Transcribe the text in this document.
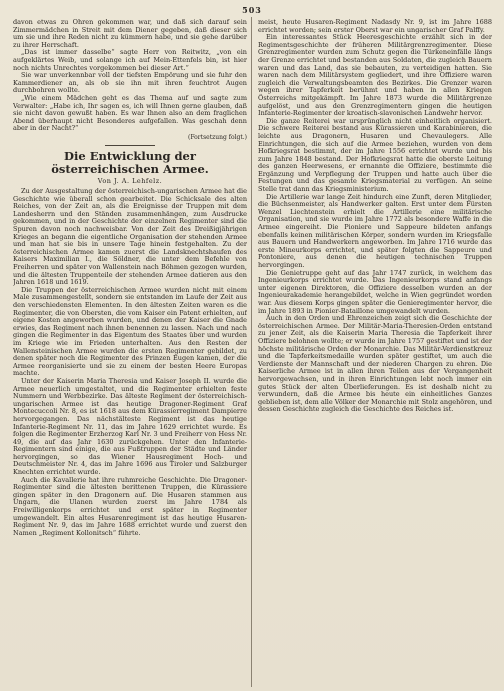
503

davon etwas zu Ohren gekommen war, und daß sich darauf sein Zimmermädchen in Streit mit dem Diener gegeben, daß dieser sich um sie und ihre Reden nicht zu kümmern habe, und sie gehe darüber zu ihrer Herrschaft.

„Das ist immer dasselbe“ sagte Herr von Reitwitz, „von ein aufgeklärtes Weib, und solange ich auf Mein-Ettenfels bin, ist hier noch nichts Unrechtes vorgekommen bei dieser Art.“

Sie war unverkennbar voll der tiefsten Empörung und sie fuhr den Kammerdiener an, als ob sie ihn mit ihren feuchtrot Augen durchbohren wollte.

„Wie einem Mädchen geht es das Thema auf und sagte zum Verwalter: „Habe ich, Ihr sagen es, ich will Ihnen gerne glauben, daß sie nicht davon gewußt haben. Es war Ihnen also an dem fraglichen Abend überhaupt nicht Besonderes aufgefallen. Was geschah denn aber in der Nacht?“

(Fortsetzung folgt.)
Die Entwicklung der österreichischen Armee.
Von J. A. Lehfelz.

Zu der Ausgestaltung der österreichisch-ungarischen Armee hat die Geschichte wie überall schon gearbeitet. Die Schicksale des alten Reiches, von der Zeit an, als die Ereignisse der Truppen mit dem Landesherrn und den Ständen zusammenhängen, zum Ausdrucke gekommen, und in der Geschichte der einzelnen Regimenter sind die Spuren davon noch nachweisbar. Von der Zeit des Dreißigjährigen Krieges an begann die eigentliche Organisation der stehenden Armee und man hat sie bis in unsere Tage hinein festgehalten. Zu der österreichischen Armee kamen zuerst die Landsknechtshaufen des Kaisers Maximilian I., die Söldner, die unter dem Befehle von Freiherren und später von Wallenstein nach Böhmen gezogen wurden, und die ältesten Truppenteile der stehenden Armee datieren aus den Jahren 1618 und 1619.

Die Truppen der österreichischen Armee wurden nicht mit einem Male zusammengestellt, sondern sie entstanden im Laufe der Zeit aus den verschiedensten Elementen. In den ältesten Zeiten waren es die Regimenter, die von Obersten, die vom Kaiser ein Patent erhielten, auf eigene Kosten angeworben wurden, und denen der Kaiser die Gnade erwies, das Regiment nach ihnen benennen zu lassen. Nach und nach gingen die Regimenter in das Eigentum des Staates über und wurden im Kriege wie im Frieden unterhalten. Aus den Resten der Wallensteinischen Armee wurden die ersten Regimenter gebildet, zu denen später noch die Regimenter des Prinzen Eugen kamen, der die Armee reorganisierte und sie zu einem der besten Heere Europas machte.

Unter der Kaiserin Maria Theresia und Kaiser Joseph II. wurde die Armee neuerlich umgestaltet, und die Regimenter erhielten feste Nummern und Werbbezirke. Das älteste Regiment der österreichisch-ungarischen Armee ist das heutige Dragoner-Regiment Graf Montecuccoli Nr. 8, es ist 1618 aus dem Kürassierregiment Dampierre hervorgegangen. Das nächstälteste Regiment ist das heutige Infanterie-Regiment Nr. 11, das im Jahre 1629 errichtet wurde. Es folgen die Regimenter Erzherzog Karl Nr. 3 und Freiherr von Hess Nr. 49, die auf das Jahr 1630 zurückgehen. Unter den Infanterie-Regimentern sind einige, die aus Fußtruppen der Städte und Länder hervorgingen, so das Wiener Hausregiment Hoch- und Deutschmeister Nr. 4, das im Jahre 1696 aus Tiroler und Salzburger Knechten errichtet wurde.

Auch die Kavallerie hat ihre ruhmreiche Geschichte. Die Dragoner-Regimenter sind die ältesten berittenen Truppen, die Kürassiere gingen später in den Dragonern auf. Die Husaren stammen aus Ungarn, die Ulanen wurden zuerst im Jahre 1784 als Freiwilligenkorps errichtet und erst später in Regimenter umgewandelt. Ein altes Husarenregiment ist das heutige Husaren-Regiment Nr. 9, das im Jahre 1688 errichtet wurde und zuerst den Namen „Regiment Kollonitsch“ führte.

meist, heute Husaren-Regiment Nadasdy Nr. 9, ist im Jahre 1688 errichtet worden; sein erster Oberst war ein ungarischer Graf Palffy.

Ein interessantes Stück Heeresgeschichte erzählt sich in der Regimentsgeschichte der früheren Militärgrenzregimenter. Diese Grenzregimenter wurden zum Schutz gegen die Türkeneinfälle längs der Grenze errichtet und bestanden aus Soldaten, die zugleich Bauern waren und das Land, das sie bebauten, zu verteidigen hatten. Sie waren nach dem Militärsystem gegliedert, und ihre Offiziere waren zugleich die Verwaltungsbeamten des Bezirkes. Die Grenzer waren wegen ihrer Tapferkeit berühmt und haben in allen Kriegen Österreichs mitgekämpft. Im Jahre 1873 wurde die Militärgrenze aufgelöst, und aus den Grenzregimentern gingen die heutigen Infanterie-Regimenter der kroatisch-slavonischen Landwehr hervor.

Die ganze Reiterei war ursprünglich nicht einheitlich organisiert. Die schwere Reiterei bestand aus Kürassieren und Karabinieren, die leichte aus Dragonern, Husaren und Chevaulegers. Alle Einrichtungen, die sich auf die Armee beziehen, wurden von dem Hofkriegsrat bestimmt, der im Jahre 1556 errichtet wurde und bis zum Jahre 1848 bestand. Der Hofkriegsrat hatte die oberste Leitung des ganzen Heerwesens, er ernannte die Offiziere, bestimmte die Ergänzung und Verpflegung der Truppen und hatte auch über die Festungen und das gesamte Kriegsmaterial zu verfügen. An seine Stelle trat dann das Kriegsministerium.

Die Artillerie war lange Zeit hindurch eine Zunft, deren Mitglieder, die Büchsenmeister, als Handwerker galten. Erst unter dem Fürsten Wenzel Liechtenstein erhielt die Artillerie eine militärische Organisation, und sie wurde im Jahre 1772 als besondere Waffe in die Armee eingereiht. Die Pioniere und Sappeure bildeten anfangs ebenfalls keinen militärischen Körper, sondern wurden im Kriegsfalle aus Bauern und Handwerkern angeworben. Im Jahre 1716 wurde das erste Mineurkorps errichtet, und später folgten die Sappeure und Pontoniere, aus denen die heutigen technischen Truppen hervorgingen.

Die Genietruppe geht auf das Jahr 1747 zurück, in welchem das Ingenieurkorps errichtet wurde. Das Ingenieurkorps stand anfangs unter eigenen Direktoren, die Offiziere desselben wurden an der Ingenieurakademie herangebildet, welche in Wien gegründet worden war. Aus diesem Korps gingen später die Genieregimenter hervor, die im Jahre 1893 in Pionier-Bataillone umgewandelt wurden.

Auch in den Orden und Ehrenzeichen zeigt sich die Geschichte der österreichischen Armee. Der Militär-Maria-Theresien-Orden entstand zu jener Zeit, als die Kaiserin Maria Theresia die Tapferkeit ihrer Offiziere belohnen wollte; er wurde im Jahre 1757 gestiftet und ist der höchste militärische Orden der Monarchie. Das Militär-Verdienstkreuz und die Tapferkeitsmedaille wurden später gestiftet, um auch die Verdienste der Mannschaft und der niederen Chargen zu ehren. Die Kaiserliche Armee ist in allen ihren Teilen aus der Vergangenheit hervorgewachsen, und in ihren Einrichtungen lebt noch immer ein gutes Stück der alten Überlieferungen. Es ist deshalb nicht zu verwundern, daß die Armee bis heute ein einheitliches Ganzes geblieben ist, dem alle Völker der Monarchie mit Stolz angehören, und dessen Geschichte zugleich die Geschichte des Reiches ist.
